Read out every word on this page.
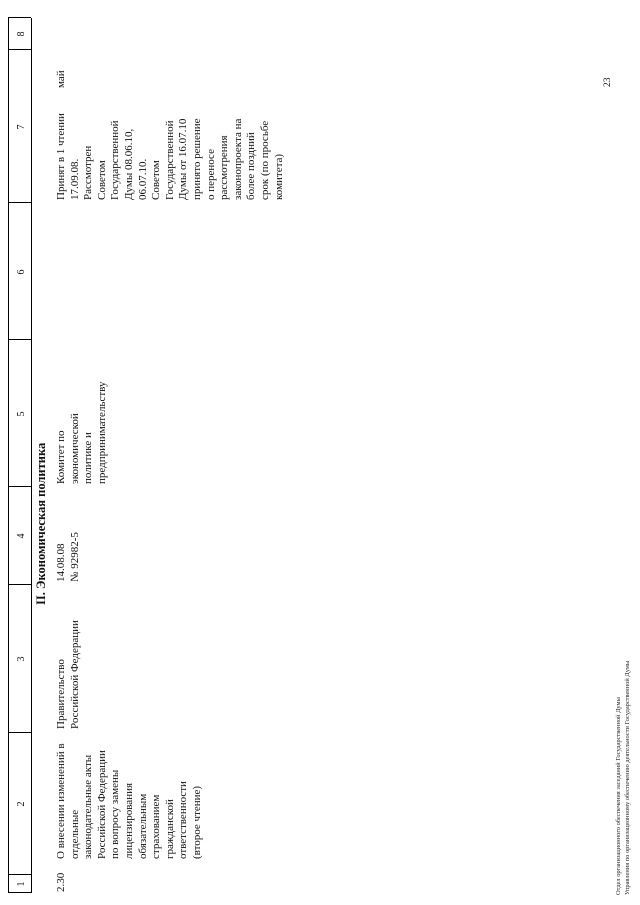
1
2
3
4
5
6
7
8
II. Экономическая политика
2.30
О внесении изменений в
отдельные
законодательные акты
Российской Федерации
по вопросу замены
лицензирования
обязательным
страхованием
гражданской
ответственности
(второе чтение)
Правительство
Российской Федерации
14.08.08 № 92982-5
Комитет по
экономической
политике и
предпринимательству
Принят в 1 чтении
17.09.08.
Рассмотрен
Советом
Государственной
Думы 08.06.10,
06.07.10.
Советом
Государственной
Думы от 16.07.10
принято решение
о переносе
рассмотрения
законопроекта на
более поздний
срок (по просьбе
комитета)
май	23
Отдел организационного обеспечения заседаний Государственной Думы Управления по организационному обеспечению деятельности Государственной Думы
